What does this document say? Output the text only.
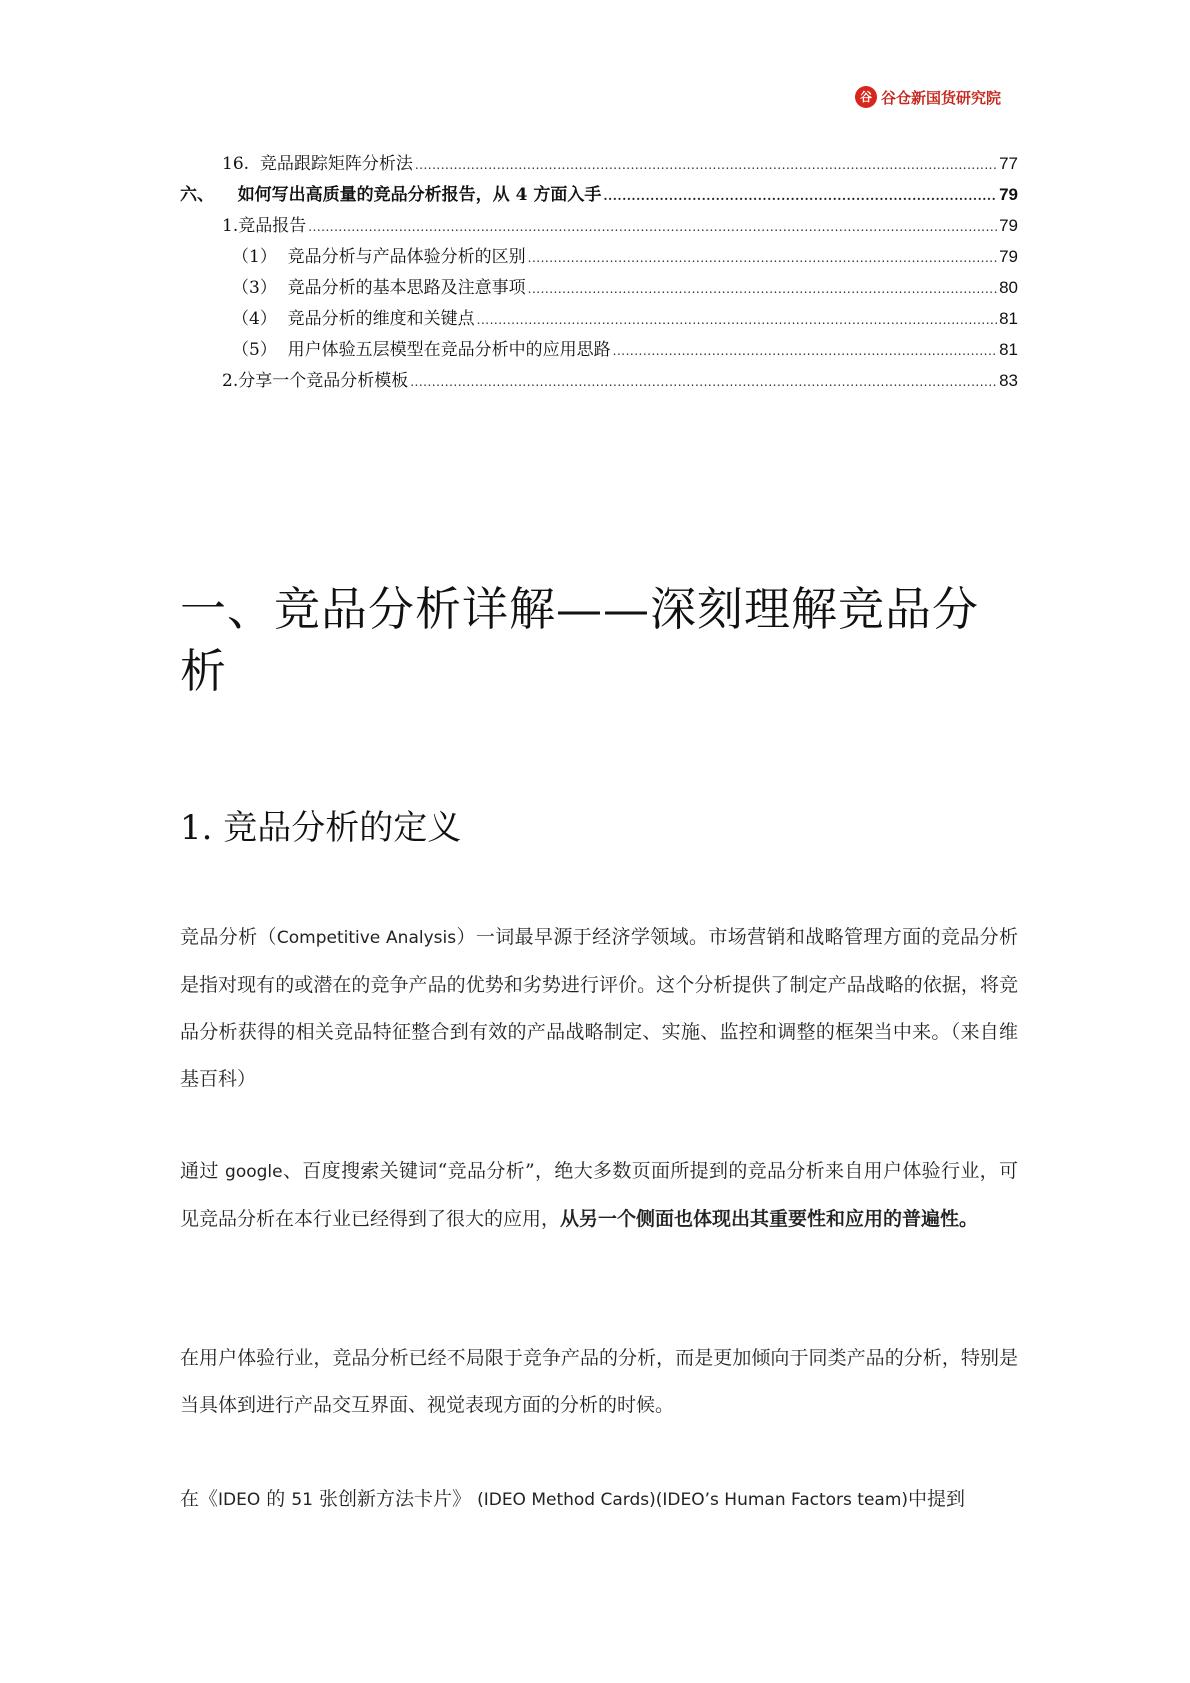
谷 谷仓新国货研究院
16. 竞品跟踪矩阵分析法 .....	77
六、 如何写出高质量的竞品分析报告，从 4 方面入手 .....	79
1.竞品报告 .....	79
（1） 竞品分析与产品体验分析的区别 .....	79
（3） 竞品分析的基本思路及注意事项 .....	80
（4） 竞品分析的维度和关键点 .....	81
（5） 用户体验五层模型在竞品分析中的应用思路 .....	81
2.分享一个竞品分析模板 .....	83
一、竞品分析详解——深刻理解竞品分析
1. 竞品分析的定义

竞品分析（Competitive Analysis）一词最早源于经济学领域。市场营销和战略管理方面的竞品分析是指对现有的或潜在的竞争产品的优势和劣势进行评价。这个分析提供了制定产品战略的依据，将竞品分析获得的相关竞品特征整合到有效的产品战略制定、实施、监控和调整的框架当中来。（来自维基百科）

通过 google、百度搜索关键词“竞品分析”，绝大多数页面所提到的竞品分析来自用户体验行业，可见竞品分析在本行业已经得到了很大的应用，从另一个侧面也体现出其重要性和应用的普遍性。

在用户体验行业，竞品分析已经不局限于竞争产品的分析，而是更加倾向于同类产品的分析，特别是当具体到进行产品交互界面、视觉表现方面的分析的时候。

在《IDEO 的 51 张创新方法卡片》 (IDEO Method Cards)(IDEO’s Human Factors team)中提到
